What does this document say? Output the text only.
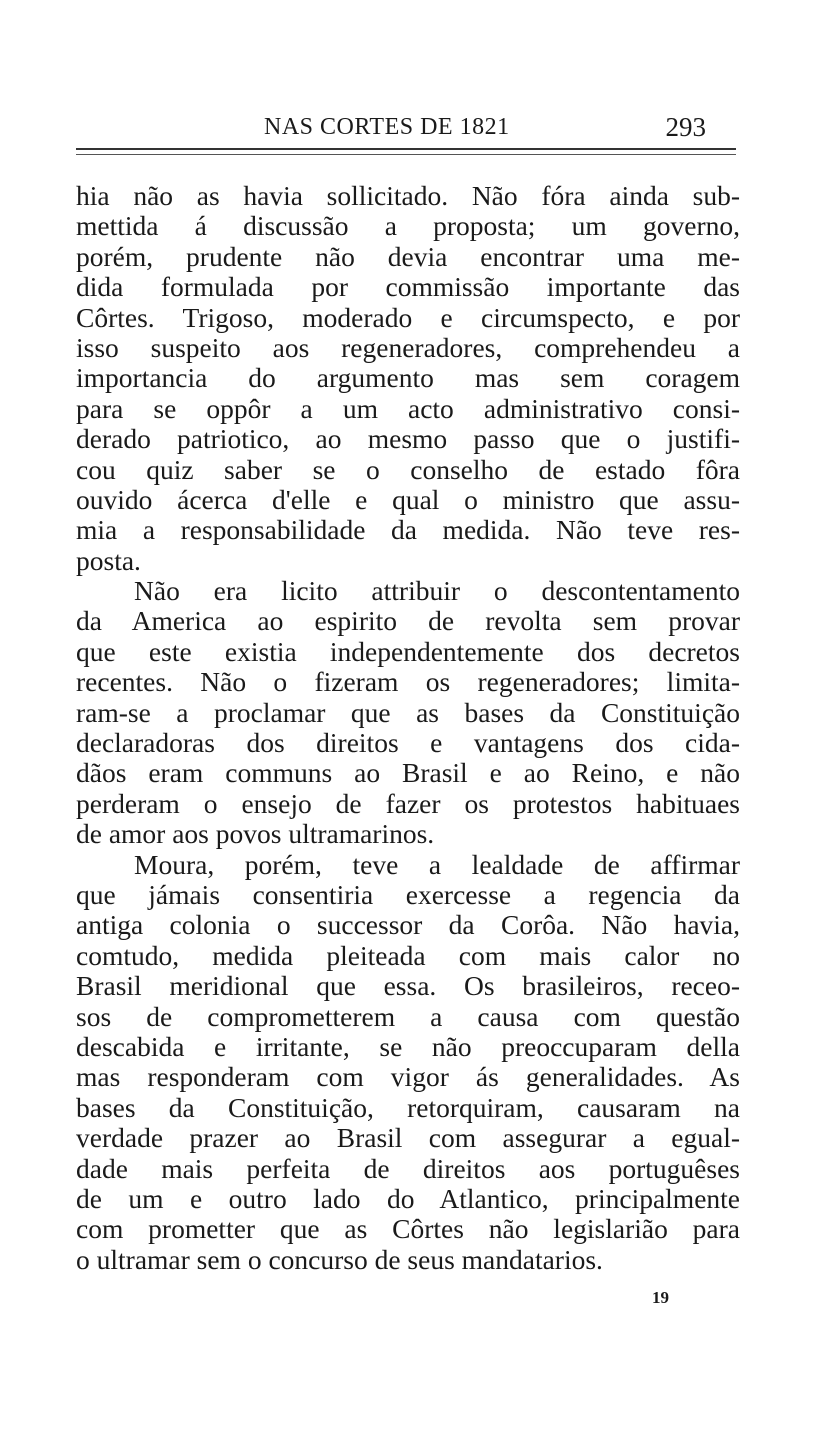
NAS CORTES DE 1821	293
hia não as havia sollicitado. Não fóra ainda sub-
mettida á discussão a proposta; um governo,
porém, prudente não devia encontrar uma me-
dida formulada por commissão importante das
Côrtes. Trigoso, moderado e circumspecto, e por
isso suspeito aos regeneradores, comprehendeu a
importancia do argumento mas sem coragem
para se oppôr a um acto administrativo consi-
derado patriotico, ao mesmo passo que o justifi-
cou quiz saber se o conselho de estado fôra
ouvido ácerca d'elle e qual o ministro que assu-
mia a responsabilidade da medida. Não teve res-
posta.
Não era licito attribuir o descontentamento
da America ao espirito de revolta sem provar
que este existia independentemente dos decretos
recentes. Não o fizeram os regeneradores; limita-
ram-se a proclamar que as bases da Constituição
declaradoras dos direitos e vantagens dos cida-
dãos eram communs ao Brasil e ao Reino, e não
perderam o ensejo de fazer os protestos habituaes
de amor aos povos ultramarinos.
Moura, porém, teve a lealdade de affirmar
que jámais consentiria exercesse a regencia da
antiga colonia o successor da Corôa. Não havia,
comtudo, medida pleiteada com mais calor no
Brasil meridional que essa. Os brasileiros, receo-
sos de comprometterem a causa com questão
descabida e irritante, se não preoccuparam della
mas responderam com vigor ás generalidades. As
bases da Constituição, retorquiram, causaram na
verdade prazer ao Brasil com assegurar a egual-
dade mais perfeita de direitos aos portuguêses
de um e outro lado do Atlantico, principalmente
com prometter que as Côrtes não legislarião para
o ultramar sem o concurso de seus mandatarios.
19
